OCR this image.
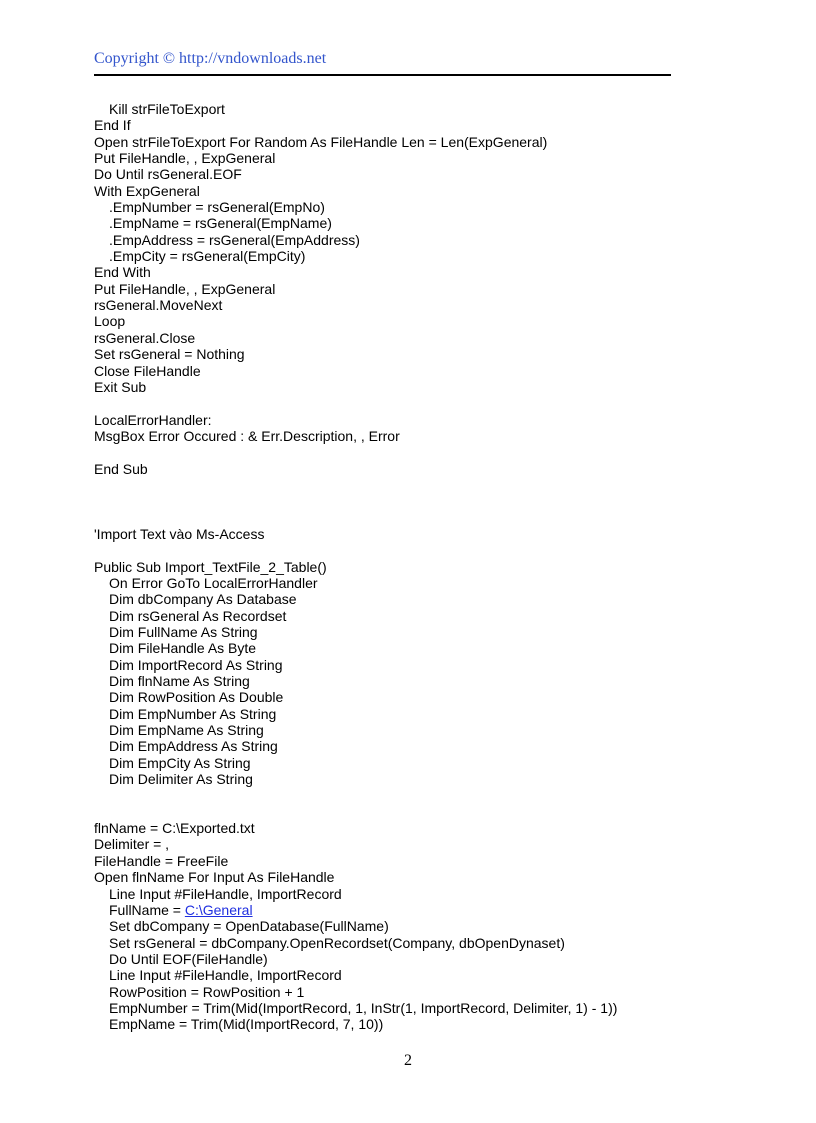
Copyright © http://vndownloads.net
Kill strFileToExport
End If
Open strFileToExport For Random As FileHandle Len = Len(ExpGeneral)
Put FileHandle, , ExpGeneral
Do Until rsGeneral.EOF
With ExpGeneral
.EmpNumber = rsGeneral(EmpNo)
.EmpName = rsGeneral(EmpName)
.EmpAddress = rsGeneral(EmpAddress)
.EmpCity = rsGeneral(EmpCity)
End With
Put FileHandle, , ExpGeneral
rsGeneral.MoveNext
Loop
rsGeneral.Close
Set rsGeneral = Nothing
Close FileHandle
Exit Sub
LocalErrorHandler:
MsgBox Error Occured : & Err.Description, , Error
End Sub
'Import Text vào Ms-Access
Public Sub Import_TextFile_2_Table()
On Error GoTo LocalErrorHandler
Dim dbCompany As Database
Dim rsGeneral As Recordset
Dim FullName As String
Dim FileHandle As Byte
Dim ImportRecord As String
Dim flnName As String
Dim RowPosition As Double
Dim EmpNumber As String
Dim EmpName As String
Dim EmpAddress As String
Dim EmpCity As String
Dim Delimiter As String
flnName = C:\Exported.txt
Delimiter = ,
FileHandle = FreeFile
Open flnName For Input As FileHandle
Line Input #FileHandle, ImportRecord
FullName = C:\General
Set dbCompany = OpenDatabase(FullName)
Set rsGeneral = dbCompany.OpenRecordset(Company, dbOpenDynaset)
Do Until EOF(FileHandle)
Line Input #FileHandle, ImportRecord
RowPosition = RowPosition + 1
EmpNumber = Trim(Mid(ImportRecord, 1, InStr(1, ImportRecord, Delimiter, 1) - 1))
EmpName = Trim(Mid(ImportRecord, 7, 10))
2
